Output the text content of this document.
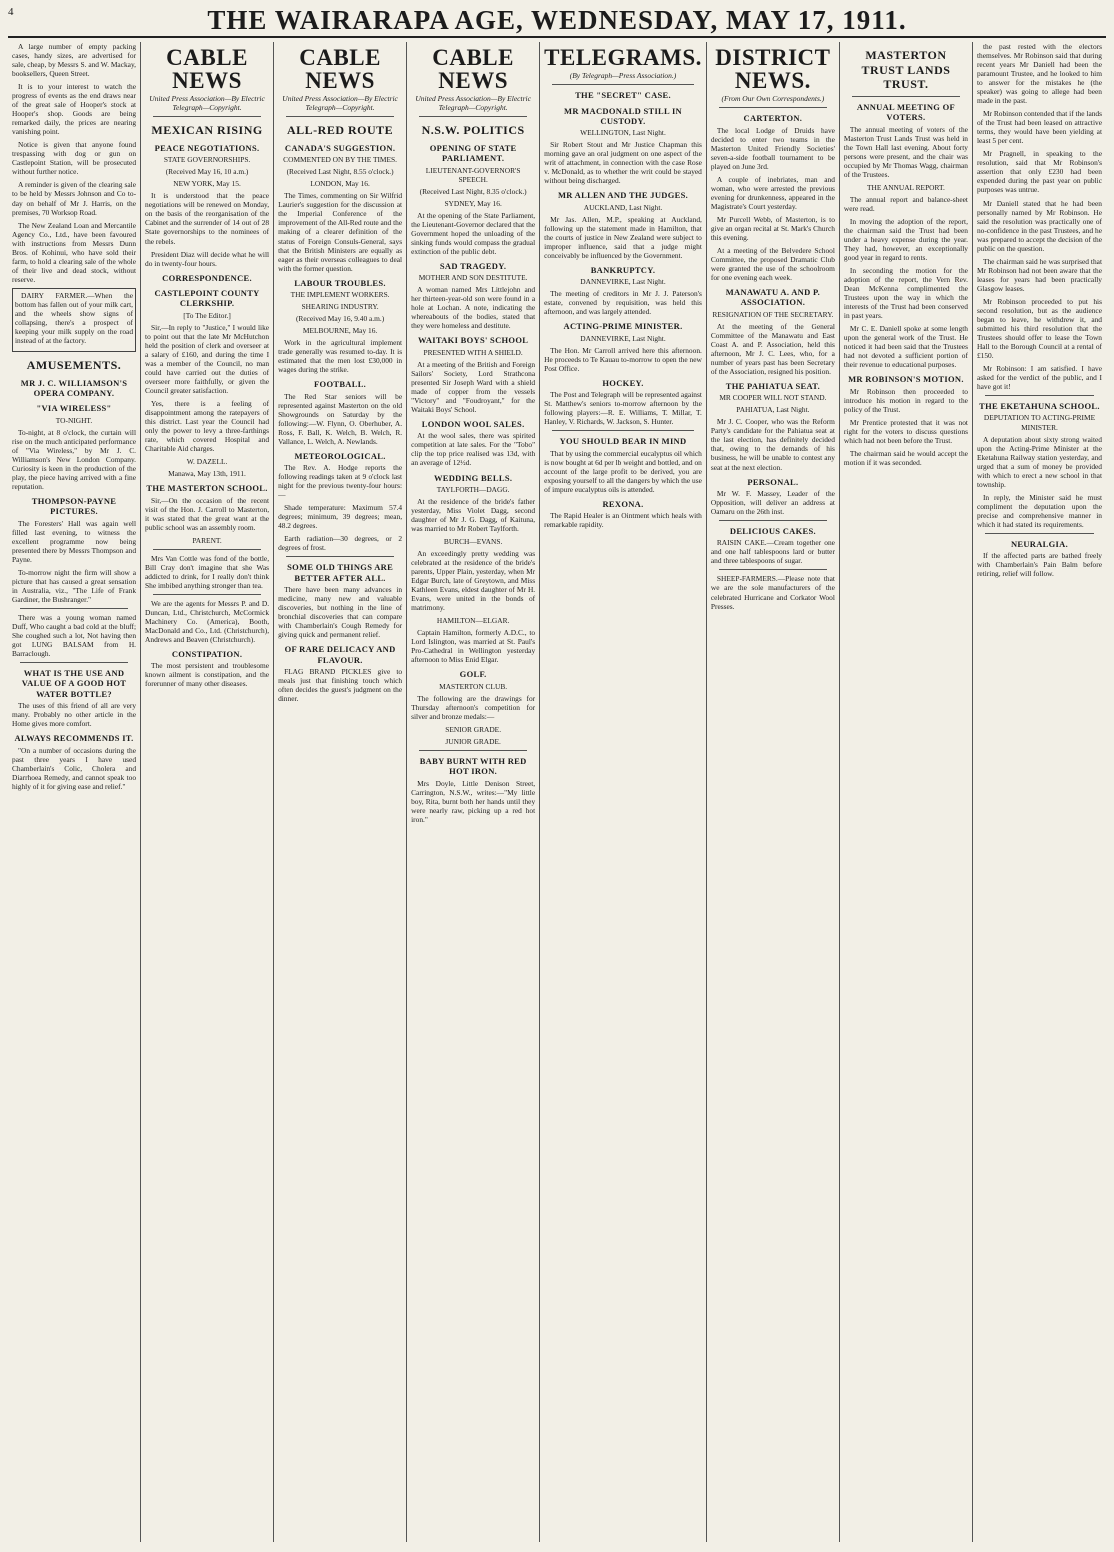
4	THE WAIRARAPA AGE, WEDNESDAY, MAY 17, 1911.

A large number of empty packing cases, handy sizes, are advertised for sale, cheap, by Messrs S. and W. Mackay, booksellers, Queen Street.

It is to your interest to watch the progress of events as the end draws near of the great sale of Hooper's stock at Hooper's shop. Goods are being remarked daily, the prices are nearing vanishing point.

Notice is given that anyone found trespassing with dog or gun on Castlepoint Station, will be prosecuted without further notice.

A reminder is given of the clearing sale to be held by Messrs Johnson and Co to-day on behalf of Mr J. Harris, on the premises, 70 Worksop Road.

The New Zealand Loan and Mercantile Agency Co., Ltd., have been favoured with instructions from Messrs Dunn Bros. of Kohinui, who have sold their farm, to hold a clearing sale of the whole of their live and dead stock, without reserve.

DAIRY FARMER.—When the bottom has fallen out of your milk cart, and the wheels show signs of collapsing, there's a prospect of keeping your milk supply on the road instead of at the factory.

AMUSEMENTS.
MR J. C. WILLIAMSON'S OPERA COMPANY.
"VIA WIRELESS"
TO-NIGHT.

To-night, at 8 o'clock, the curtain will rise on the much anticipated performance of "Via Wireless," by Mr J. C. Williamson's New London Company. Curiosity is keen in the production of the play, the piece having arrived with a fine reputation.

THOMPSON-PAYNE PICTURES.

The Foresters' Hall was again well filled last evening, to witness the excellent programme now being presented there by Messrs Thompson and Payne.

To-morrow night the firm will show a picture that has caused a great sensation in Australia, viz., "The Life of Frank Gardiner, the Bushranger."

There was a young woman named Duff, Who caught a bad cold at the bluff; She coughed such a lot, Not having then got LUNG BALSAM from H. Barraclough.

WHAT IS THE USE AND VALUE OF A GOOD HOT WATER BOTTLE?

The uses of this friend of all are very many. Probably no other article in the Home gives more comfort.

ALWAYS RECOMMENDS IT.

"On a number of occasions during the past three years I have used Chamberlain's Colic, Cholera and Diarrhoea Remedy, and cannot speak too highly of it for giving ease and relief."

CABLE NEWS
United Press Association—By Electric Telegraph—Copyright.
MEXICAN RISING
PEACE NEGOTIATIONS.
STATE GOVERNORSHIPS.
(Received May 16, 10 a.m.)
NEW YORK, May 15.

It is understood that the peace negotiations will be renewed on Monday, on the basis of the reorganisation of the Cabinet and the surrender of 14 out of 28 State governorships to the nominees of the rebels.

President Diaz will decide what he will do in twenty-four hours.

CORRESPONDENCE.
CASTLEPOINT COUNTY CLERKSHIP.
[To The Editor.]

Sir,—In reply to "Justice," I would like to point out that the late Mr McHutchon held the position of clerk and overseer at a salary of £160, and during the time I was a member of the Council, no man could have carried out the duties of overseer more faithfully, or given the Council greater satisfaction.

Yes, there is a feeling of disappointment among the ratepayers of this district. Last year the Council had only the power to levy a three-farthings rate, which covered Hospital and Charitable Aid charges.

W. DAZELL.
Manawa, May 13th, 1911.
THE MASTERTON SCHOOL.

Sir,—On the occasion of the recent visit of the Hon. J. Carroll to Masterton, it was stated that the great want at the public school was an assembly room.

PARENT.

Mrs Van Cottle was fond of the bottle, Bill Cray don't imagine that she Was addicted to drink, for I really don't think She imbibed anything stronger than tea.

We are the agents for Messrs P. and D. Duncan, Ltd., Christchurch, McCormick Machinery Co. (America), Booth, MacDonald and Co., Ltd. (Christchurch), Andrews and Beaven (Christchurch).

CONSTIPATION.

The most persistent and troublesome known ailment is constipation, and the forerunner of many other diseases.

CABLE NEWS
United Press Association—By Electric Telegraph—Copyright.
ALL-RED ROUTE
CANADA'S SUGGESTION.
COMMENTED ON BY THE TIMES.
(Received Last Night, 8.55 o'clock.)
LONDON, May 16.

The Times, commenting on Sir Wilfrid Laurier's suggestion for the discussion at the Imperial Conference of the improvement of the All-Red route and the making of a clearer definition of the status of Foreign Consuls-General, says that the British Ministers are equally as eager as their overseas colleagues to deal with the former question.

LABOUR TROUBLES.
THE IMPLEMENT WORKERS.
SHEARING INDUSTRY.
(Received May 16, 9.40 a.m.)
MELBOURNE, May 16.

Work in the agricultural implement trade generally was resumed to-day. It is estimated that the men lost £30,000 in wages during the strike.

FOOTBALL.

The Red Star seniors will be represented against Masterton on the old Showgrounds on Saturday by the following:—W. Flynn, O. Oberhuber, A. Ross, F. Ball, K. Welch, B. Welch, R. Vallance, L. Welch, A. Newlands.

METEOROLOGICAL.

The Rev. A. Hodge reports the following readings taken at 9 o'clock last night for the previous twenty-four hours:—

Shade temperature: Maximum 57.4 degrees; minimum, 39 degrees; mean, 48.2 degrees.

Earth radiation—30 degrees, or 2 degrees of frost.

SOME OLD THINGS ARE BETTER AFTER ALL.

There have been many advances in medicine, many new and valuable discoveries, but nothing in the line of bronchial discoveries that can compare with Chamberlain's Cough Remedy for giving quick and permanent relief.

OF RARE DELICACY AND FLAVOUR.

FLAG BRAND PICKLES give to meals just that finishing touch which often decides the guest's judgment on the dinner.

CABLE NEWS
United Press Association—By Electric Telegraph—Copyright.
N.S.W. POLITICS
OPENING OF STATE PARLIAMENT.
LIEUTENANT-GOVERNOR'S SPEECH.
(Received Last Night, 8.35 o'clock.)
SYDNEY, May 16.

At the opening of the State Parliament, the Lieutenant-Governor declared that the Government hoped the unloading of the sinking funds would compass the gradual extinction of the public debt.

SAD TRAGEDY.
MOTHER AND SON DESTITUTE.

A woman named Mrs Littlejohn and her thirteen-year-old son were found in a hole at Lochan. A note, indicating the whereabouts of the bodies, stated that they were homeless and destitute.

WAITAKI BOYS' SCHOOL
PRESENTED WITH A SHIELD.

At a meeting of the British and Foreign Sailors' Society, Lord Strathcona presented Sir Joseph Ward with a shield made of copper from the vessels "Victory" and "Foudroyant," for the Waitaki Boys' School.

LONDON WOOL SALES.

At the wool sales, there was spirited competition at late sales. For the "Tobo" clip the top price realised was 13d, with an average of 12½d.

WEDDING BELLS.
TAYLFORTH—DAGG.

At the residence of the bride's father yesterday, Miss Violet Dagg, second daughter of Mr J. G. Dagg, of Kaituna, was married to Mr Robert Taylforth.

BURCH—EVANS.

An exceedingly pretty wedding was celebrated at the residence of the bride's parents, Upper Plain, yesterday, when Mr Edgar Burch, late of Greytown, and Miss Kathleen Evans, eldest daughter of Mr H. Evans, were united in the bonds of matrimony.

HAMILTON—ELGAR.

Captain Hamilton, formerly A.D.C., to Lord Islington, was married at St. Paul's Pro-Cathedral in Wellington yesterday afternoon to Miss Enid Elgar.

GOLF.
MASTERTON CLUB.

The following are the drawings for Thursday afternoon's competition for silver and bronze medals:—

SENIOR GRADE.
JUNIOR GRADE.
BABY BURNT WITH RED HOT IRON.

Mrs Doyle, Little Denison Street, Carrington, N.S.W., writes:—"My little boy, Rita, burnt both her hands until they were nearly raw, picking up a red hot iron."

TELEGRAMS.
(By Telegraph—Press Association.)
THE "SECRET" CASE.
MR MACDONALD STILL IN CUSTODY.
WELLINGTON, Last Night.

Sir Robert Stout and Mr Justice Chapman this morning gave an oral judgment on one aspect of the writ of attachment, in connection with the case Rose v. McDonald, as to whether the writ could be stayed without being discharged.

MR ALLEN AND THE JUDGES.
AUCKLAND, Last Night.

Mr Jas. Allen, M.P., speaking at Auckland, following up the statement made in Hamilton, that the courts of justice in New Zealand were subject to improper influence, said that a judge might conceivably be influenced by the Government.

BANKRUPTCY.
DANNEVIRKE, Last Night.

The meeting of creditors in Mr J. J. Paterson's estate, convened by requisition, was held this afternoon, and was largely attended.

ACTING-PRIME MINISTER.
DANNEVIRKE, Last Night.

The Hon. Mr Carroll arrived here this afternoon. He proceeds to Te Kauau to-morrow to open the new Post Office.

HOCKEY.

The Post and Telegraph will be represented against St. Matthew's seniors to-morrow afternoon by the following players:—R. E. Williams, T. Millar, T. Hanley, V. Richards, W. Jackson, S. Hunter.

YOU SHOULD BEAR IN MIND

That by using the commercial eucalyptus oil which is now bought at 6d per lb weight and bottled, and on account of the large profit to be derived, you are exposing yourself to all the dangers by which the use of impure eucalyptus oils is attended.

REXONA.

The Rapid Healer is an Ointment which heals with remarkable rapidity.

DISTRICT NEWS.
(From Our Own Correspondents.)
CARTERTON.

The local Lodge of Druids have decided to enter two teams in the Masterton United Friendly Societies' seven-a-side football tournament to be played on June 3rd.

A couple of inebriates, man and woman, who were arrested the previous evening for drunkenness, appeared in the Magistrate's Court yesterday.

Mr Purcell Webb, of Masterton, is to give an organ recital at St. Mark's Church this evening.

At a meeting of the Belvedere School Committee, the proposed Dramatic Club were granted the use of the schoolroom for one evening each week.

MANAWATU A. AND P. ASSOCIATION.
RESIGNATION OF THE SECRETARY.

At the meeting of the General Committee of the Manawatu and East Coast A. and P. Association, held this afternoon, Mr J. C. Lees, who, for a number of years past has been Secretary of the Association, resigned his position.

THE PAHIATUA SEAT.
MR COOPER WILL NOT STAND.
PAHIATUA, Last Night.

Mr J. C. Cooper, who was the Reform Party's candidate for the Pahiatua seat at the last election, has definitely decided that, owing to the demands of his business, he will be unable to contest any seat at the next election.

PERSONAL.

Mr W. F. Massey, Leader of the Opposition, will deliver an address at Oamaru on the 26th inst.

DELICIOUS CAKES.

RAISIN CAKE.—Cream together one and one half tablespoons lard or butter and three tablespoons of sugar.

SHEEP-FARMERS.—Please note that we are the sole manufacturers of the celebrated Hurricane and Corkator Wool Presses.

MASTERTON TRUST LANDS TRUST.
ANNUAL MEETING OF VOTERS.

The annual meeting of voters of the Masterton Trust Lands Trust was held in the Town Hall last evening. About forty persons were present, and the chair was occupied by Mr Thomas Wagg, chairman of the Trustees.

THE ANNUAL REPORT.

The annual report and balance-sheet were read.

In moving the adoption of the report, the chairman said the Trust had been under a heavy expense during the year. They had, however, an exceptionally good year in regard to rents.

In seconding the motion for the adoption of the report, the Vern Rev. Dean McKenna complimented the Trustees upon the way in which the interests of the Trust had been conserved in past years.

Mr C. E. Daniell spoke at some length upon the general work of the Trust. He noticed it had been said that the Trustees had not devoted a sufficient portion of their revenue to educational purposes.

MR ROBINSON'S MOTION.

Mr Robinson then proceeded to introduce his motion in regard to the policy of the Trust.

Mr Prentice protested that it was not right for the voters to discuss questions which had not been before the Trust.

The chairman said he would accept the motion if it was seconded.

the past rested with the electors themselves. Mr Robinson said that during recent years Mr Daniell had been the paramount Trustee, and he looked to him to answer for the mistakes he (the speaker) was going to allege had been made in the past.

Mr Robinson contended that if the lands of the Trust had been leased on attractive terms, they would have been yielding at least 5 per cent.

Mr Pragnell, in speaking to the resolution, said that Mr Robinson's assertion that only £230 had been expended during the past year on public purposes was untrue.

Mr Daniell stated that he had been personally named by Mr Robinson. He said the resolution was practically one of no-confidence in the past Trustees, and he was prepared to accept the decision of the public on the question.

The chairman said he was surprised that Mr Robinson had not been aware that the leases for years had been practically Glasgow leases.

Mr Robinson proceeded to put his second resolution, but as the audience began to leave, he withdrew it, and submitted his third resolution that the Trustees should offer to lease the Town Hall to the Borough Council at a rental of £150.

Mr Robinson: I am satisfied. I have asked for the verdict of the public, and I have got it!

THE EKETAHUNA SCHOOL.
DEPUTATION TO ACTING-PRIME MINISTER.

A deputation about sixty strong waited upon the Acting-Prime Minister at the Eketahuna Railway station yesterday, and urged that a sum of money be provided with which to erect a new school in that township.

In reply, the Minister said he must compliment the deputation upon the precise and comprehensive manner in which it had stated its requirements.

NEURALGIA.

If the affected parts are bathed freely with Chamberlain's Pain Balm before retiring, relief will follow.
